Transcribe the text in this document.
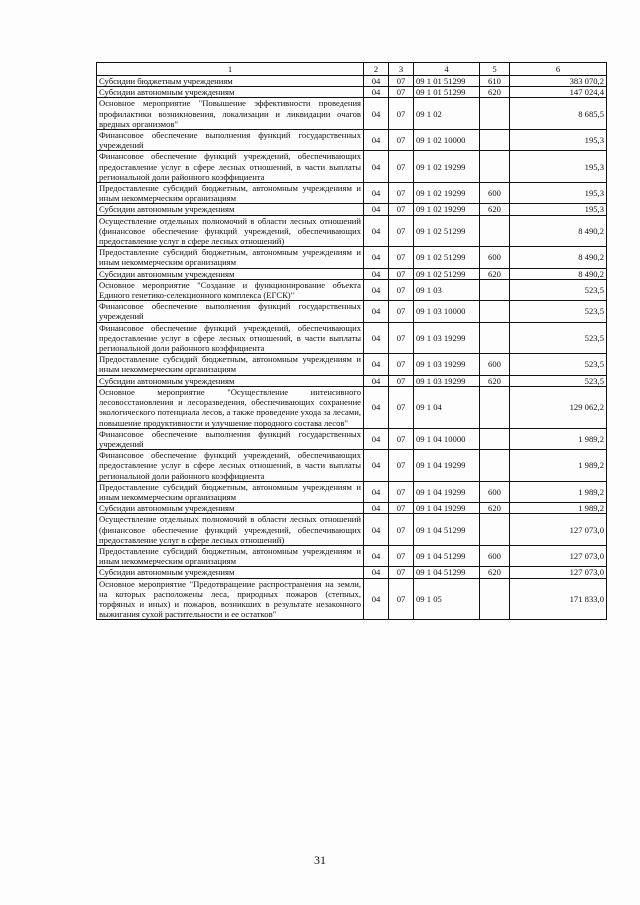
1	2	3	4	5	6
Субсидии бюджетным учреждениям	04	07	09 1 01 51299	610	383 070,2
Субсидии автономным учреждениям	04	07	09 1 01 51299	620	147 024,4
Основное мероприятие "Повышение эффективности проведения профилактики возникновения, локализации и ликвидации очагов вредных организмов"	04	07	09 1 02		8 685,5
Финансовое обеспечение выполнения функций государственных учреждений	04	07	09 1 02 10000		195,3
Финансовое обеспечение функций учреждений, обеспечивающих предоставление услуг в сфере лесных отношений, в части выплаты региональной доли районного коэффициента	04	07	09 1 02 19299		195,3
Предоставление субсидий бюджетным, автономным учреждениям и иным некоммерческим организациям	04	07	09 1 02 19299	600	195,3
Субсидии автономным учреждениям	04	07	09 1 02 19299	620	195,3
Осуществление отдельных полномочий в области лесных отношений (финансовое обеспечение функций учреждений, обеспечивающих предоставление услуг в сфере лесных отношений)	04	07	09 1 02 51299		8 490,2
Предоставление субсидий бюджетным, автономным учреждениям и иным некоммерческим организациям	04	07	09 1 02 51299	600	8 490,2
Субсидии автономным учреждениям	04	07	09 1 02 51299	620	8 490,2
Основное мероприятие "Создание и функционирование объекта Единого генетико-селекционного комплекса (ЕГСК)"	04	07	09 1 03		523,5
Финансовое обеспечение выполнения функций государственных учреждений	04	07	09 1 03 10000		523,5
Финансовое обеспечение функций учреждений, обеспечивающих предоставление услуг в сфере лесных отношений, в части выплаты региональной доли районного коэффициента	04	07	09 1 03 19299		523,5
Предоставление субсидий бюджетным, автономным учреждениям и иным некоммерческим организациям	04	07	09 1 03 19299	600	523,5
Субсидии автономным учреждениям	04	07	09 1 03 19299	620	523,5
Основное мероприятие "Осуществление интенсивного лесовосстановления и лесоразведения, обеспечивающих сохранение экологического потенциала лесов, а также проведение ухода за лесами, повышение продуктивности и улучшение породного состава лесов"	04	07	09 1 04		129 062,2
Финансовое обеспечение выполнения функций государственных учреждений	04	07	09 1 04 10000		1 989,2
Финансовое обеспечение функций учреждений, обеспечивающих предоставление услуг в сфере лесных отношений, в части выплаты региональной доли районного коэффициента	04	07	09 1 04 19299		1 989,2
Предоставление субсидий бюджетным, автономным учреждениям и иным некоммерческим организациям	04	07	09 1 04 19299	600	1 989,2
Субсидии автономным учреждениям	04	07	09 1 04 19299	620	1 989,2
Осуществление отдельных полномочий в области лесных отношений (финансовое обеспечение функций учреждений, обеспечивающих предоставление услуг в сфере лесных отношений)	04	07	09 1 04 51299		127 073,0
Предоставление субсидий бюджетным, автономным учреждениям и иным некоммерческим организациям	04	07	09 1 04 51299	600	127 073,0
Субсидии автономным учреждениям	04	07	09 1 04 51299	620	127 073,0
Основное мероприятие "Предотвращение распространения на земли, на которых расположены леса, природных пожаров (степных, торфяных и иных) и пожаров, возникших в результате незаконного выжигания сухой растительности и ее остатков"	04	07	09 1 05		171 833,0
31
